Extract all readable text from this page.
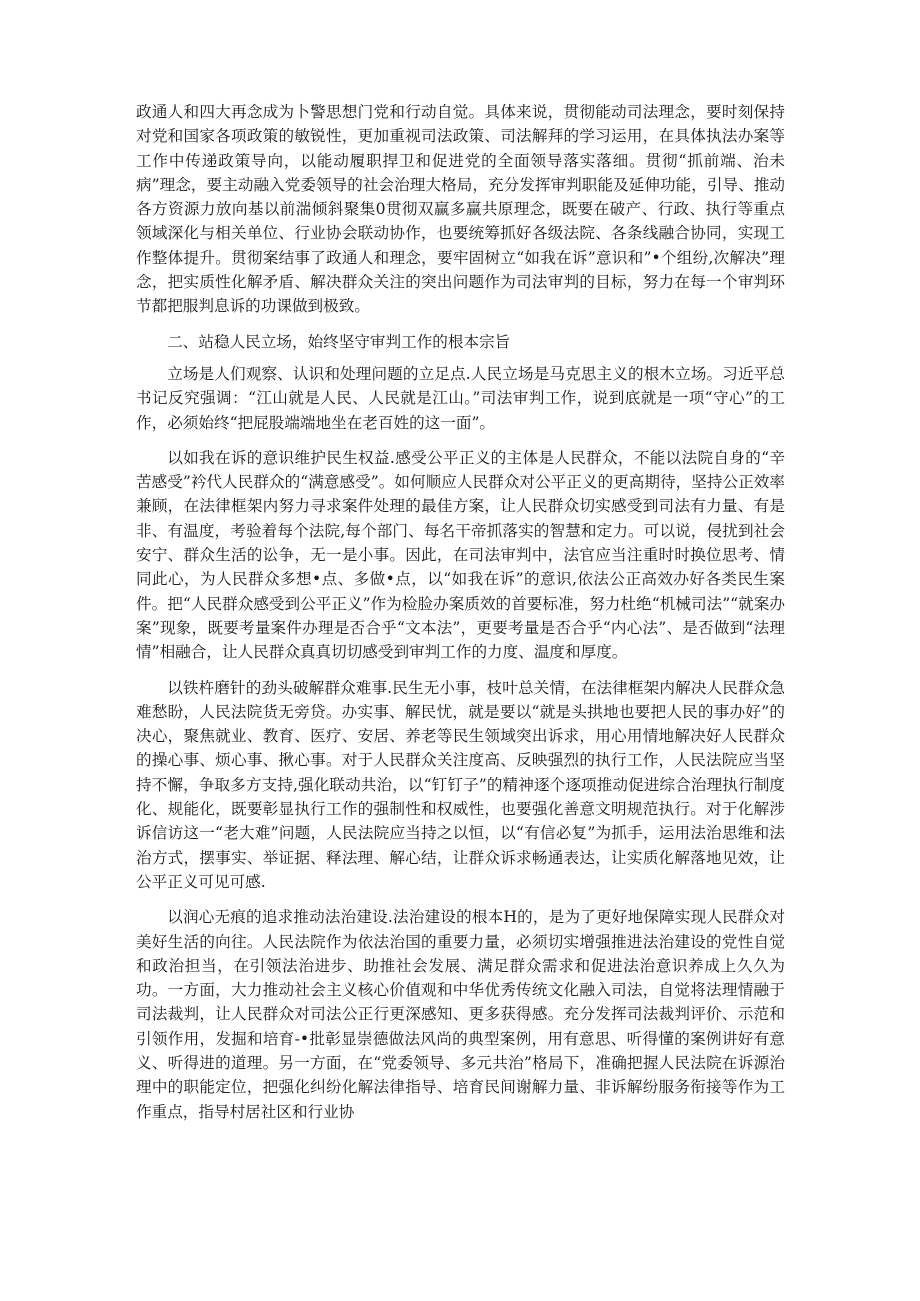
政通人和四大再念成为卜警思想门党和行动自觉。具体来说，贯彻能动司法理念，要时刻保持对党和国家各项政策的敏锐性，更加重视司法政策、司法解拜的学习运用，在具体执法办案等工作中传递政策导向，以能动履职捍卫和促进党的全面领导落实落细。贯彻“抓前端、治未病”理念，要主动融入党委领导的社会治理大格局，充分发挥审判职能及延伸功能，引导、推动各方资源力放向基以前湍倾斜聚集0贯彻双赢多赢共原理念，既要在破产、行政、执行等重点领域深化与相关单位、行业协会联动协作，也要统筹抓好各级法院、各条线融合协同，实现工作整体提升。贯彻案结事了政通人和理念，要牢固树立“如我在诉”意识和”•个组纷,次解决”理念，把实质性化解矛盾、解决群众关注的突出问题作为司法审判的目标，努力在每一个审判环节都把服判息诉的功课做到极致。

二、站稳人民立场，始终坚守审判工作的根本宗旨

立场是人们观察、认识和处理问题的立足点.人民立场是马克思主义的根木立场。习近平总书记反究强调：“江山就是人民、人民就是江山。”司法审判工作，说到底就是一项“守心”的工作，必须始终“把屁股端端地坐在老百姓的这一面”。

以如我在诉的意识维护民生权益.感受公平正义的主体是人民群众，不能以法院自身的“辛苦感受”衿代人民群众的“满意感受”。如何顺应人民群众对公平正义的更高期待，坚持公正效率兼顾，在法律框架内努力寻求案件处理的最佳方案，让人民群众切实感受到司法有力量、有是非、有温度，考验着每个法院,每个部门、每名干帝抓落实的智慧和定力。可以说，侵扰到社会安宁、群众生活的讼争，无一是小事。因此，在司法审判中，法官应当注重时时换位思考、情同此心，为人民群众多想•点、多做•点，以“如我在诉”的意识,依法公正高效办好各类民生案件。把“人民群众感受到公平正义”作为检脸办案质效的首要标准，努力杜绝“机械司法”“就案办案”现象，既要考量案件办理是否合乎“文本法”，更要考量是否合乎“内心法”、是否做到“法理情”相融合，让人民群众真真切切感受到审判工作的力度、温度和厚度。

以铁杵磨针的劲头破解群众难事.民生无小事，枝叶总关情，在法律框架内解决人民群众急难愁盼，人民法院货无旁贷。办实事、解民忧，就是要以“就是头拱地也要把人民的事办好”的决心，聚焦就业、教育、医疗、安居、养老等民生领域突出诉求，用心用情地解决好人民群众的操心事、烦心事、揪心事。对于人民群众关注度高、反映强烈的执行工作，人民法院应当坚持不懈，争取多方支持,强化联动共治，以“钉钉子”的精神逐个逐项推动促进综合治理执行制度化、规能化，既要彰显执行工作的强制性和权威性，也要强化善意文明规范执行。对于化解涉诉信访这一“老大难”问题，人民法院应当持之以恒，以“有信必复”为抓手，运用法治思维和法治方式，摆事实、举证据、释法理、解心结，让群众诉求畅通表达，让实质化解落地见效，让公平正义可见可感.

以润心无痕的追求推动法治建设.法治建设的根本H的，是为了更好地保障实现人民群众对美好生活的向往。人民法院作为依法治国的重要力量，必须切实增强推进法治建设的党性自觉和政治担当，在引领法治进步、助推社会发展、满足群众需求和促进法治意识养成上久久为功。一方面，大力推动社会主义核心价值观和中华优秀传统文化融入司法，自觉将法理情融于司法裁判，让人民群众对司法公正行更深感知、更多获得感。充分发挥司法裁判评价、示范和引领作用，发掘和培育-•批彰显崇德做法风尚的典型案例，用有意思、听得懂的案例讲好有意义、听得进的道理。另一方面，在“党委领导、多元共治”格局下，准确把握人民法院在诉源治理中的职能定位，把强化纠纷化解法律指导、培育民间谢解力量、非诉解纷服务衔接等作为工作重点，指导村居社区和行业协
